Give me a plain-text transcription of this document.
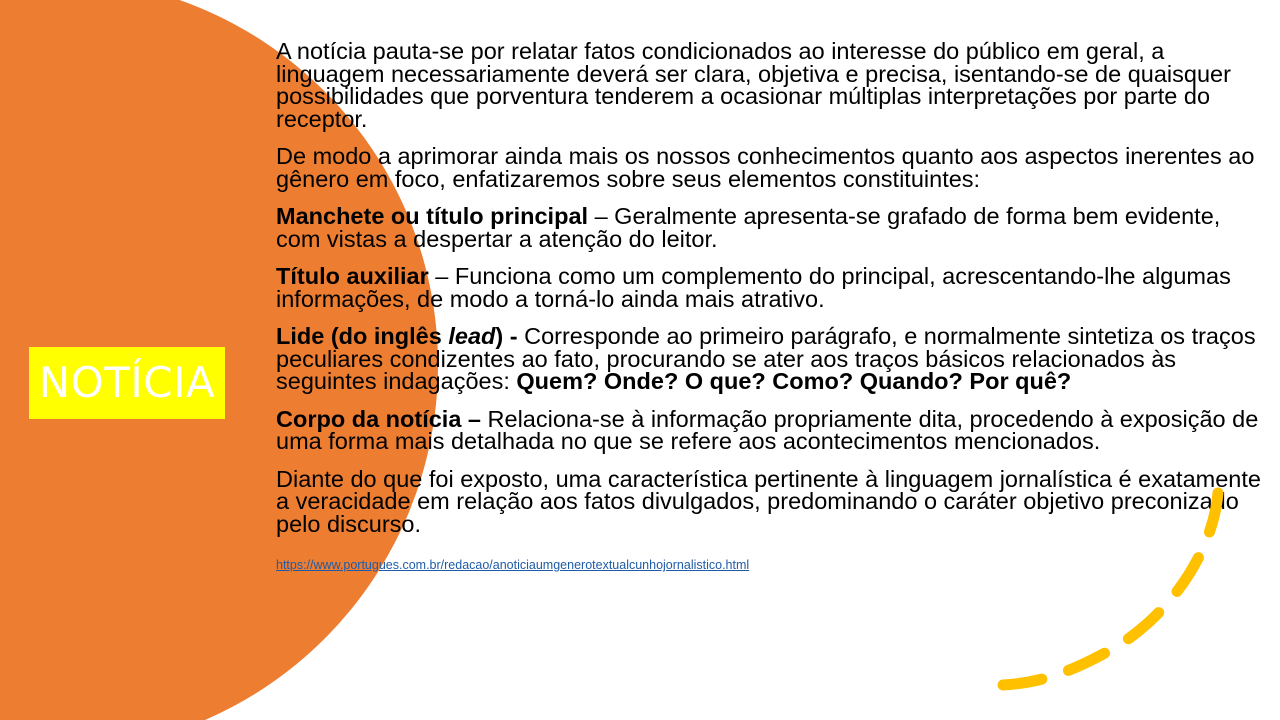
NOTÍCIA

A notícia pauta-se por relatar fatos condicionados ao interesse do público em geral, a linguagem necessariamente deverá ser clara, objetiva e precisa, isentando-se de quaisquer possibilidades que porventura tenderem a ocasionar múltiplas interpretações por parte do receptor.

De modo a aprimorar ainda mais os nossos conhecimentos quanto aos aspectos inerentes ao gênero em foco, enfatizaremos sobre seus elementos constituintes:

Manchete ou título principal – Geralmente apresenta-se grafado de forma bem evidente, com vistas a despertar a atenção do leitor.

Título auxiliar – Funciona como um complemento do principal, acrescentando-lhe algumas informações, de modo a torná-lo ainda mais atrativo.

Lide (do inglês lead) - Corresponde ao primeiro parágrafo, e normalmente sintetiza os traços peculiares condizentes ao fato, procurando se ater aos traços básicos relacionados às seguintes indagações: Quem? Onde? O que? Como? Quando? Por quê?

Corpo da notícia – Relaciona-se à informação propriamente dita, procedendo à exposição de uma forma mais detalhada no que se refere aos acontecimentos mencionados.

Diante do que foi exposto, uma característica pertinente à linguagem jornalística é exatamente a veracidade em relação aos fatos divulgados, predominando o caráter objetivo preconizado pelo discurso.

https://www.portugues.com.br/redacao/anoticiaumgenerotextualcunhojornalistico.html
